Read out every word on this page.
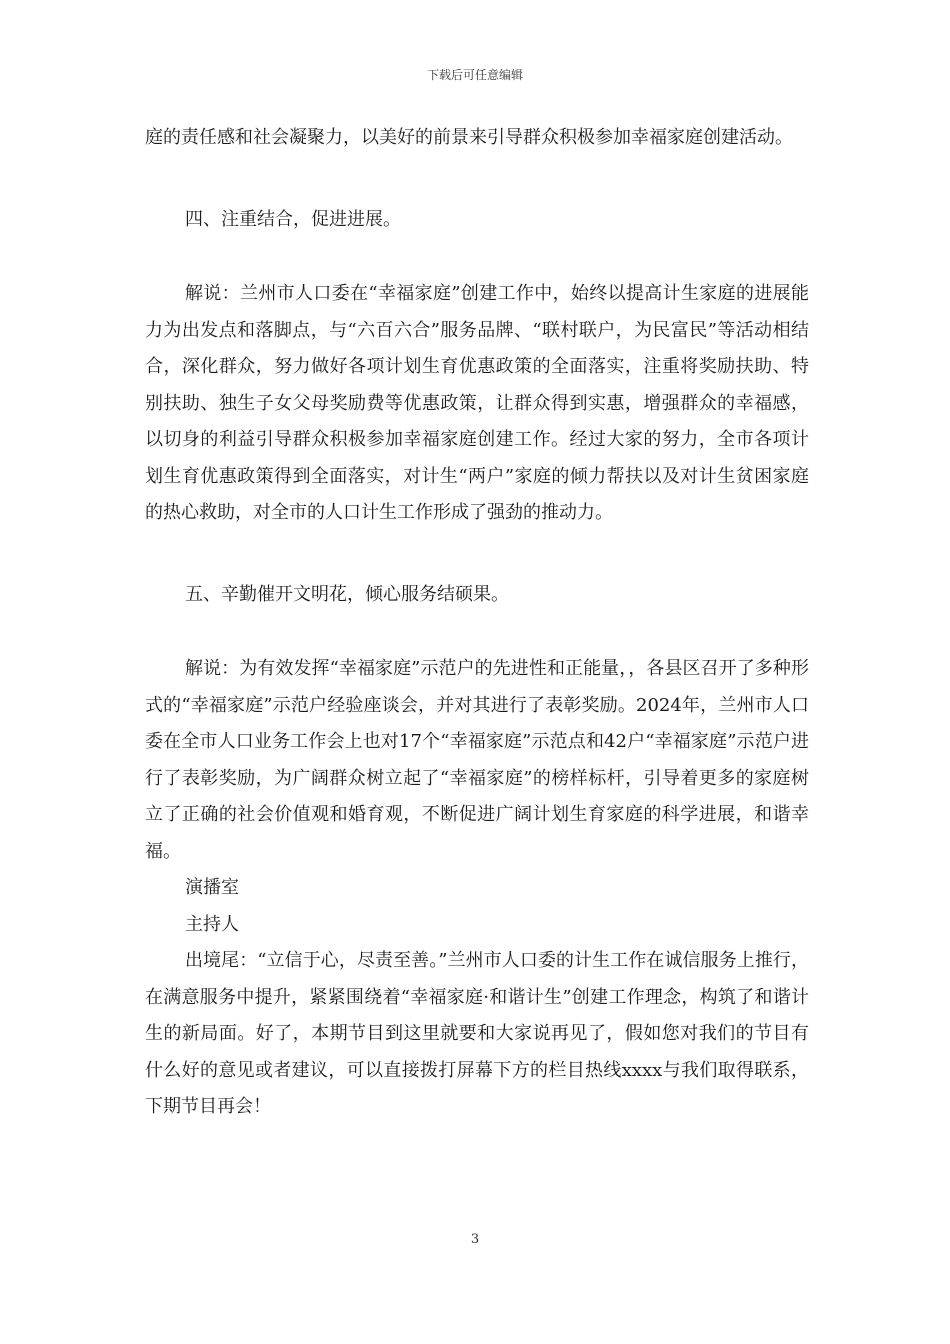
下载后可任意编辑

庭的责任感和社会凝聚力，以美好的前景来引导群众积极参加幸福家庭创建活动。

四、注重结合，促进进展。

解说：兰州市人口委在“幸福家庭”创建工作中，始终以提高计生家庭的进展能力为出发点和落脚点，与“六百六合”服务品牌、“联村联户，为民富民”等活动相结合，深化群众，努力做好各项计划生育优惠政策的全面落实，注重将奖励扶助、特别扶助、独生子女父母奖励费等优惠政策，让群众得到实惠，增强群众的幸福感，以切身的利益引导群众积极参加幸福家庭创建工作。经过大家的努力，全市各项计划生育优惠政策得到全面落实，对计生“两户”家庭的倾力帮扶以及对计生贫困家庭的热心救助，对全市的人口计生工作形成了强劲的推动力。

五、辛勤催开文明花，倾心服务结硕果。

解说：为有效发挥“幸福家庭”示范户的先进性和正能量，，各县区召开了多种形式的“幸福家庭”示范户经验座谈会，并对其进行了表彰奖励。2024年，兰州市人口委在全市人口业务工作会上也对17个“幸福家庭”示范点和42户“幸福家庭”示范户进行了表彰奖励，为广阔群众树立起了“幸福家庭”的榜样标杆，引导着更多的家庭树立了正确的社会价值观和婚育观，不断促进广阔计划生育家庭的科学进展，和谐幸福。

演播室

主持人

出境尾：“立信于心，尽责至善。”兰州市人口委的计生工作在诚信服务上推行，在满意服务中提升，紧紧围绕着“幸福家庭·和谐计生”创建工作理念，构筑了和谐计生的新局面。好了，本期节目到这里就要和大家说再见了，假如您对我们的节目有什么好的意见或者建议，可以直接拨打屏幕下方的栏目热线xxxx与我们取得联系，下期节目再会！

3
